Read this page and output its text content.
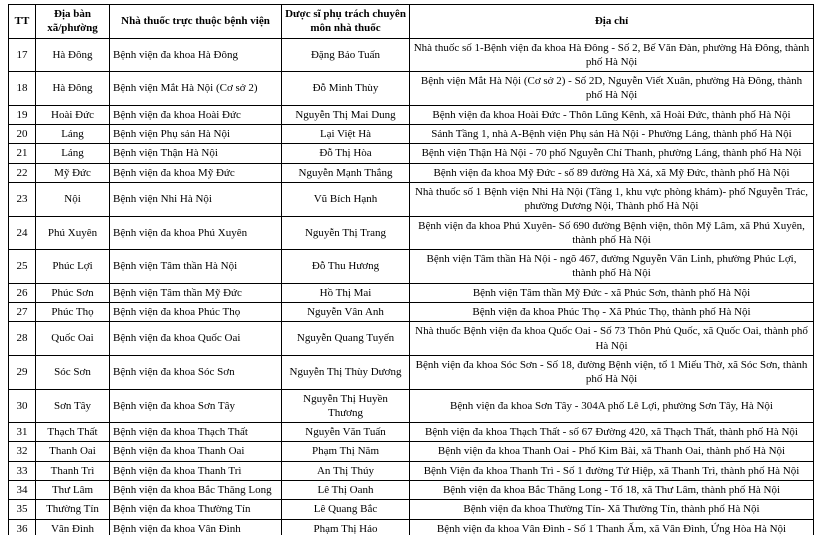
TT	Địa bàn xã/phường	Nhà thuốc trực thuộc bệnh viện	Dược sĩ phụ trách chuyên môn nhà thuốc	Địa chỉ
17	Hà Đông	Bệnh viện đa khoa Hà Đông	Đặng Bảo Tuấn	Nhà thuốc số 1-Bệnh viện đa khoa Hà Đông - Số 2, Bế Văn Đàn, phường Hà Đông, thành phố Hà Nội
18	Hà Đông	Bệnh viện Mắt Hà Nội (Cơ sở 2)	Đỗ Minh Thùy	Bệnh viện Mắt Hà Nội (Cơ sở 2) - Số 2D, Nguyễn Viết Xuân, phường Hà Đông, thành phố Hà Nội
19	Hoài Đức	Bệnh viện đa khoa Hoài Đức	Nguyễn Thị Mai Dung	Bệnh viện đa khoa Hoài Đức - Thôn Lũng Kênh, xã Hoài Đức, thành phố Hà Nội
20	Láng	Bệnh viện Phụ sản Hà Nội	Lại Việt Hà	Sảnh Tầng 1, nhà A-Bệnh viện Phụ sản Hà Nội - Phường Láng, thành phố Hà Nội
21	Láng	Bệnh viện Thận Hà Nội	Đỗ Thị Hòa	Bệnh viện Thận Hà Nội - 70 phố Nguyễn Chí Thanh, phường Láng, thành phố Hà Nội
22	Mỹ Đức	Bệnh viện đa khoa Mỹ Đức	Nguyễn Mạnh Thắng	Bệnh viện đa khoa Mỹ Đức - số 89 đường Hà Xá, xã Mỹ Đức, thành phố Hà Nội
23	Nội	Bệnh viện Nhi Hà Nội	Vũ Bích Hạnh	Nhà thuốc số 1 Bệnh viện Nhi Hà Nội (Tầng 1, khu vực phòng khám)- phố Nguyễn Trác, phường Dương Nội, Thành phố Hà Nội
24	Phú Xuyên	Bệnh viện đa khoa Phú Xuyên	Nguyễn Thị Trang	Bệnh viện đa khoa Phú Xuyên- Số 690 đường Bệnh viện, thôn Mỹ Lâm, xã Phú Xuyên, thành phố Hà Nội
25	Phúc Lợi	Bệnh viện Tâm thần Hà Nội	Đỗ Thu Hương	Bệnh viện Tâm thần Hà Nội - ngõ 467, đường Nguyễn Văn Linh, phường Phúc Lợi, thành phố Hà Nội
26	Phúc Sơn	Bệnh viện Tâm thần Mỹ Đức	Hồ Thị Mai	Bệnh viện Tâm thần Mỹ Đức - xã Phúc Sơn, thành phố Hà Nội
27	Phúc Thọ	Bệnh viện đa khoa Phúc Thọ	Nguyễn Vân Anh	Bệnh viện đa khoa Phúc Thọ - Xã Phúc Thọ, thành phố Hà Nội
28	Quốc Oai	Bệnh viện đa khoa Quốc Oai	Nguyễn Quang Tuyến	Nhà thuốc Bệnh viện đa khoa Quốc Oai - Số 73 Thôn Phủ Quốc, xã Quốc Oai, thành phố Hà Nội
29	Sóc Sơn	Bệnh viện đa khoa Sóc Sơn	Nguyễn Thị Thùy Dương	Bệnh viện đa khoa Sóc Sơn - Số 18, đường Bệnh viện, tổ 1 Miếu Thờ, xã Sóc Sơn, thành phố Hà Nội
30	Sơn Tây	Bệnh viện đa khoa Sơn Tây	Nguyễn Thị Huyền Thương	Bệnh viện đa khoa Sơn Tây - 304A phố Lê Lợi, phường Sơn Tây, Hà Nội
31	Thạch Thất	Bệnh viện đa khoa Thạch Thất	Nguyễn Văn Tuấn	Bệnh viện đa khoa Thạch Thất - số 67 Đường 420, xã Thạch Thất, thành phố Hà Nội
32	Thanh Oai	Bệnh viện đa khoa Thanh Oai	Phạm Thị Năm	Bệnh viện đa khoa Thanh Oai - Phố Kim Bài, xã Thanh Oai, thành phố Hà Nội
33	Thanh Trì	Bệnh viện đa khoa Thanh Trì	An Thị Thúy	Bệnh Viện đa khoa Thanh Trì - Số 1 đường Tứ Hiệp, xã Thanh Trì, thành phố Hà Nội
34	Thư Lâm	Bệnh viện đa khoa Bắc Thăng Long	Lê Thị Oanh	Bệnh viện đa khoa Bắc Thăng Long - Tổ 18, xã Thư Lâm, thành phố Hà Nội
35	Thường Tín	Bệnh viện đa khoa Thường Tín	Lê Quang Bắc	Bệnh viện đa khoa Thường Tín- Xã Thường Tín, thành phố Hà Nội
36	Vân Đình	Bệnh viện đa khoa Vân Đình	Phạm Thị Hảo	Bệnh viện đa khoa Vân Đình - Số 1 Thanh Ấm, xã Vân Đình, Ứng Hòa Hà Nội
